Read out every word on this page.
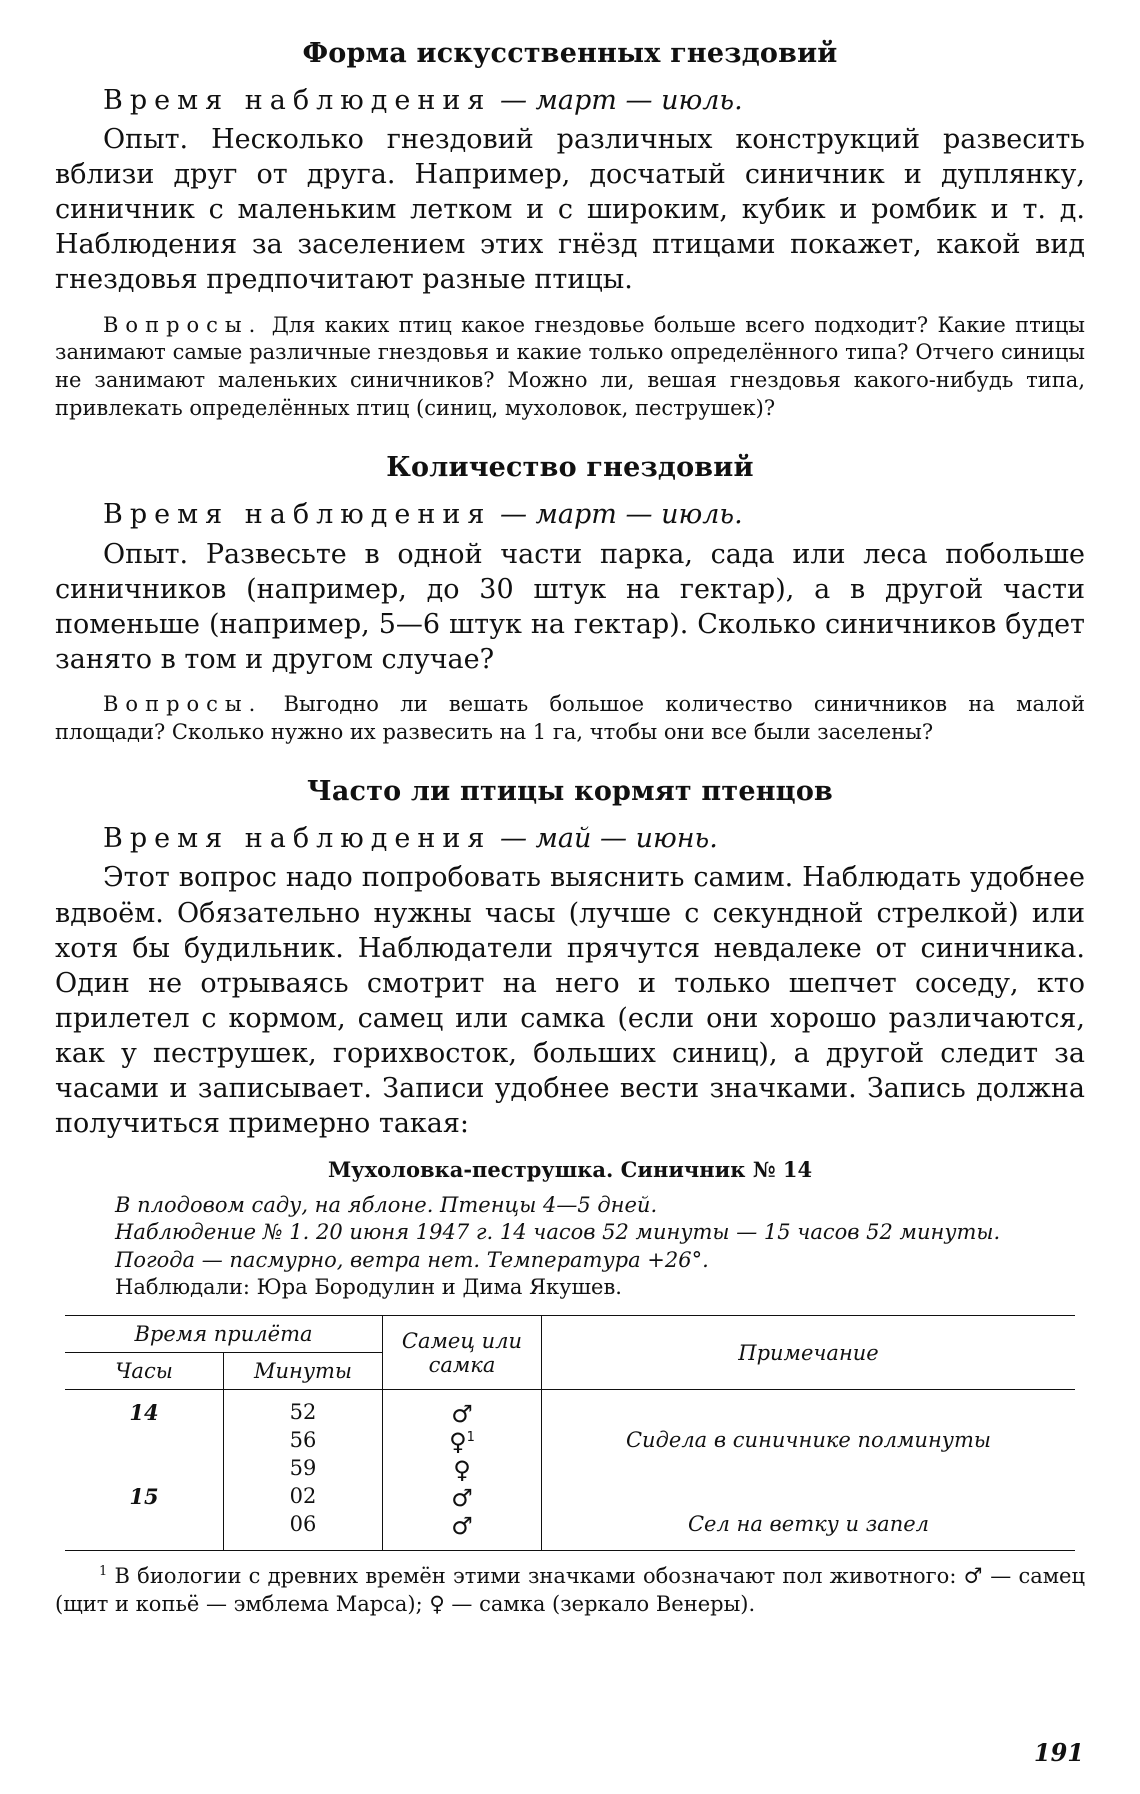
Форма искусственных гнездовий

Время наблюдения — март — июль.

Опыт. Несколько гнездовий различных конструкций развесить вблизи друг от друга. Например, досчатый синичник и дуплянку, синичник с маленьким летком и с широким, кубик и ромбик и т. д. Наблюдения за заселением этих гнёзд птицами покажет, какой вид гнездовья предпочитают разные птицы.

Вопросы. Для каких птиц какое гнездовье больше всего подходит? Какие птицы занимают самые различные гнездовья и какие только определённого типа? Отчего синицы не занимают маленьких синичников? Можно ли, вешая гнездовья какого-нибудь типа, привлекать определённых птиц (синиц, мухоловок, пеструшек)?

Количество гнездовий

Время наблюдения — март — июль.

Опыт. Развесьте в одной части парка, сада или леса побольше синичников (например, до 30 штук на гектар), а в другой части поменьше (например, 5—6 штук на гектар). Сколько синичников будет занято в том и другом случае?

Вопросы. Выгодно ли вешать большое количество синичников на малой площади? Сколько нужно их развесить на 1 га, чтобы они все были заселены?

Часто ли птицы кормят птенцов

Время наблюдения — май — июнь.

Этот вопрос надо попробовать выяснить самим. Наблюдать удобнее вдвоём. Обязательно нужны часы (лучше с секундной стрелкой) или хотя бы будильник. Наблюдатели прячутся невдалеке от синичника. Один не отрываясь смотрит на него и только шепчет соседу, кто прилетел с кормом, самец или самка (если они хорошо различаются, как у пеструшек, горихвосток, больших синиц), а другой следит за часами и записывает. Записи удобнее вести значками. Запись должна получиться примерно такая:

Мухоловка-пеструшка. Синичник № 14
В плодовом саду, на яблоне. Птенцы 4—5 дней.
Наблюдение № 1. 20 июня 1947 г. 14 часов 52 минуты — 15 часов 52 минуты.
Погода — пасмурно, ветра нет. Температура +26°.
Наблюдали: Юра Бородулин и Дима Якушев.
Время прилёта		Самец или самка	Примечание
Часы	Минуты		
14	52	♂	
	56	♀$^1$	Сидела в синичнике полминуты
	59	♀	
15	02	♂	
	06	♂	Сел на ветку и запел

$^1$ В биологии с древних времён этими значками обозначают пол животного: ♂ — самец (щит и копьё — эмблема Марса); ♀ — самка (зеркало Венеры).

191
